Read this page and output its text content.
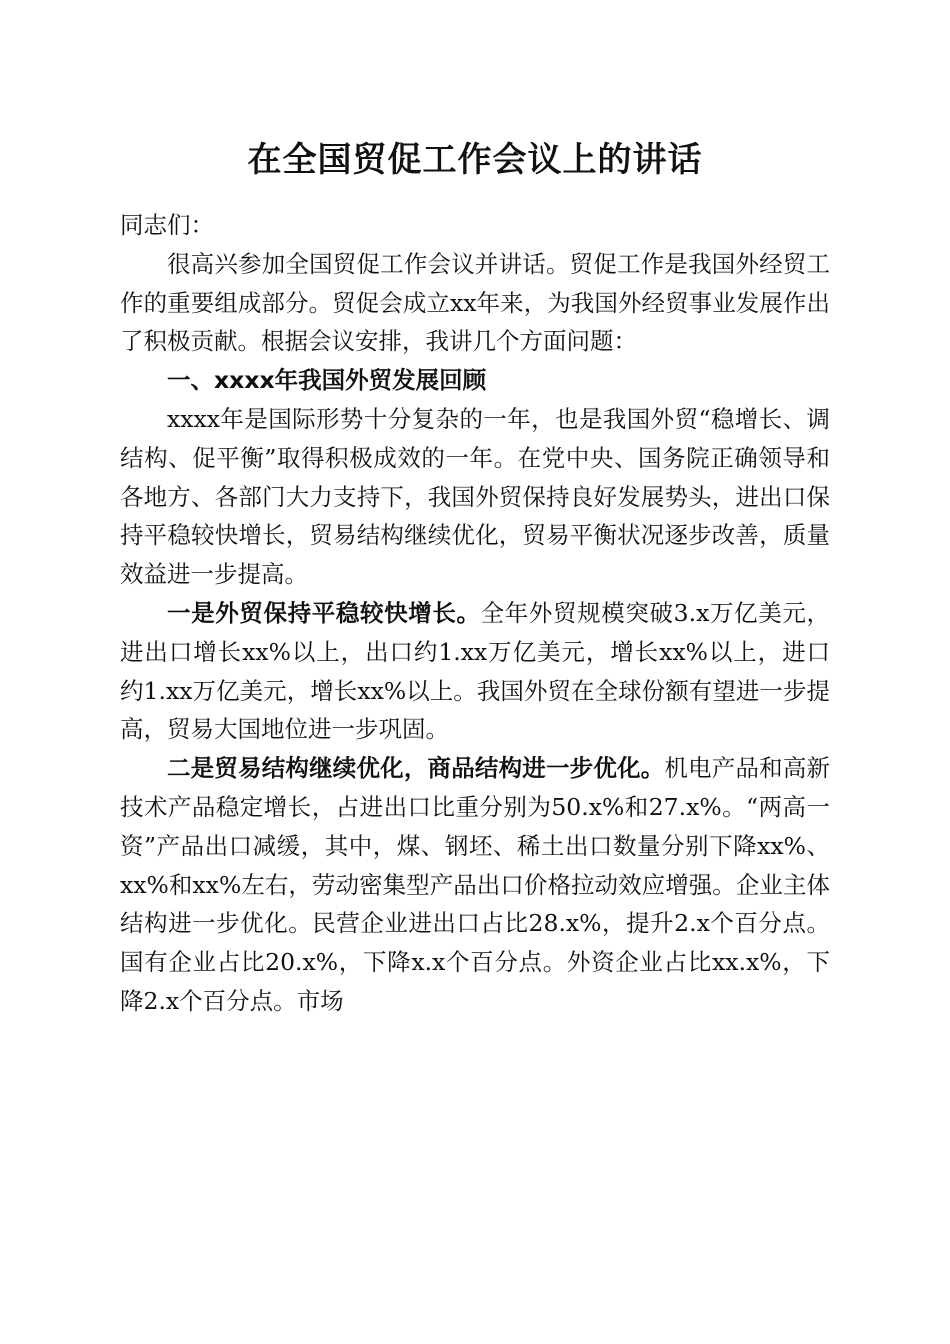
在全国贸促工作会议上的讲话

同志们：

很高兴参加全国贸促工作会议并讲话。贸促工作是我国外经贸工作的重要组成部分。贸促会成立xx年来，为我国外经贸事业发展作出了积极贡献。根据会议安排，我讲几个方面问题：

一、xxxx年我国外贸发展回顾

xxxx年是国际形势十分复杂的一年，也是我国外贸“稳增长、调结构、促平衡”取得积极成效的一年。在党中央、国务院正确领导和各地方、各部门大力支持下，我国外贸保持良好发展势头，进出口保持平稳较快增长，贸易结构继续优化，贸易平衡状况逐步改善，质量效益进一步提高。

一是外贸保持平稳较快增长。全年外贸规模突破3.x万亿美元，进出口增长xx%以上，出口约1.xx万亿美元，增长xx%以上，进口约1.xx万亿美元，增长xx%以上。我国外贸在全球份额有望进一步提高，贸易大国地位进一步巩固。

二是贸易结构继续优化，商品结构进一步优化。机电产品和高新技术产品稳定增长，占进出口比重分别为50.x%和27.x%。“两高一资”产品出口减缓，其中，煤、钢坯、稀土出口数量分别下降xx%、xx%和xx%左右，劳动密集型产品出口价格拉动效应增强。企业主体结构进一步优化。民营企业进出口占比28.x%，提升2.x个百分点。国有企业占比20.x%，下降x.x个百分点。外资企业占比xx.x%，下降2.x个百分点。市场
